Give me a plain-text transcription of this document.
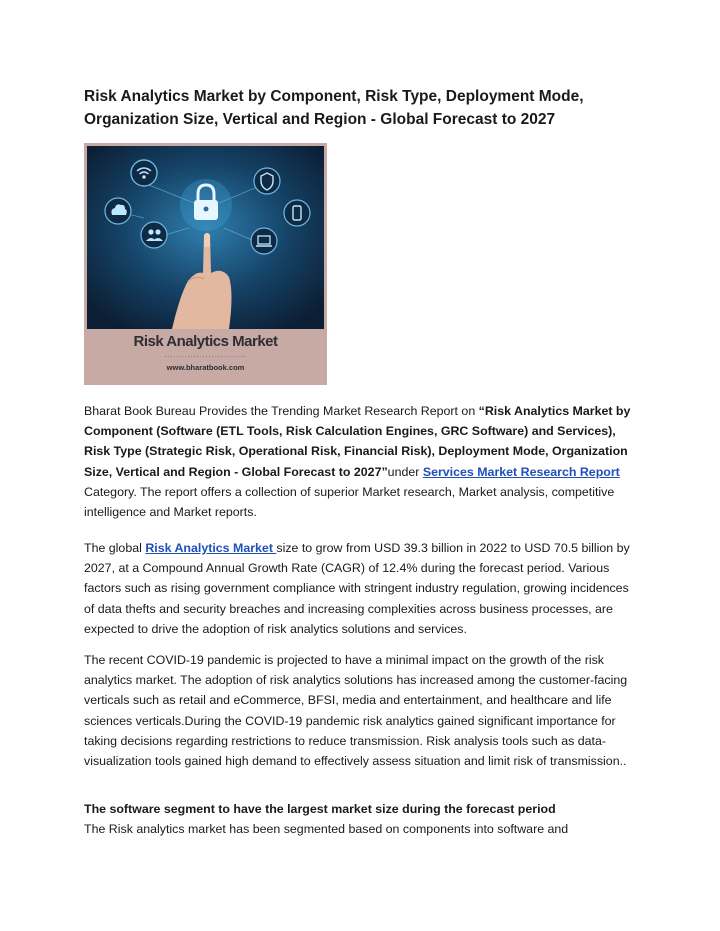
Risk Analytics Market by Component, Risk Type, Deployment Mode, Organization Size, Vertical and Region - Global Forecast to 2027
Risk Analytics Market
............................
www.bharatbook.com

Bharat Book Bureau Provides the Trending Market Research Report on “Risk Analytics Market by Component (Software (ETL Tools, Risk Calculation Engines, GRC Software) and Services), Risk Type (Strategic Risk, Operational Risk, Financial Risk), Deployment Mode, Organization Size, Vertical and Region - Global Forecast to 2027”under Services Market Research Report Category. The report offers a collection of superior Market research, Market analysis, competitive intelligence and Market reports.

The global Risk Analytics Market size to grow from USD 39.3 billion in 2022 to USD 70.5 billion by 2027, at a Compound Annual Growth Rate (CAGR) of 12.4% during the forecast period. Various factors such as rising government compliance with stringent industry regulation, growing incidences of data thefts and security breaches and increasing complexities across business processes, are expected to drive the adoption of risk analytics solutions and services.

The recent COVID-19 pandemic is projected to have a minimal impact on the growth of the risk analytics market. The adoption of risk analytics solutions has increased among the customer-facing verticals such as retail and eCommerce, BFSI, media and entertainment, and healthcare and life sciences verticals.During the COVID-19 pandemic risk analytics gained significant importance for taking decisions regarding restrictions to reduce transmission. Risk analysis tools such as data-visualization tools gained high demand to effectively assess situation and limit risk of transmission..

The software segment to have the largest market size during the forecast period
The Risk analytics market has been segmented based on components into software and
